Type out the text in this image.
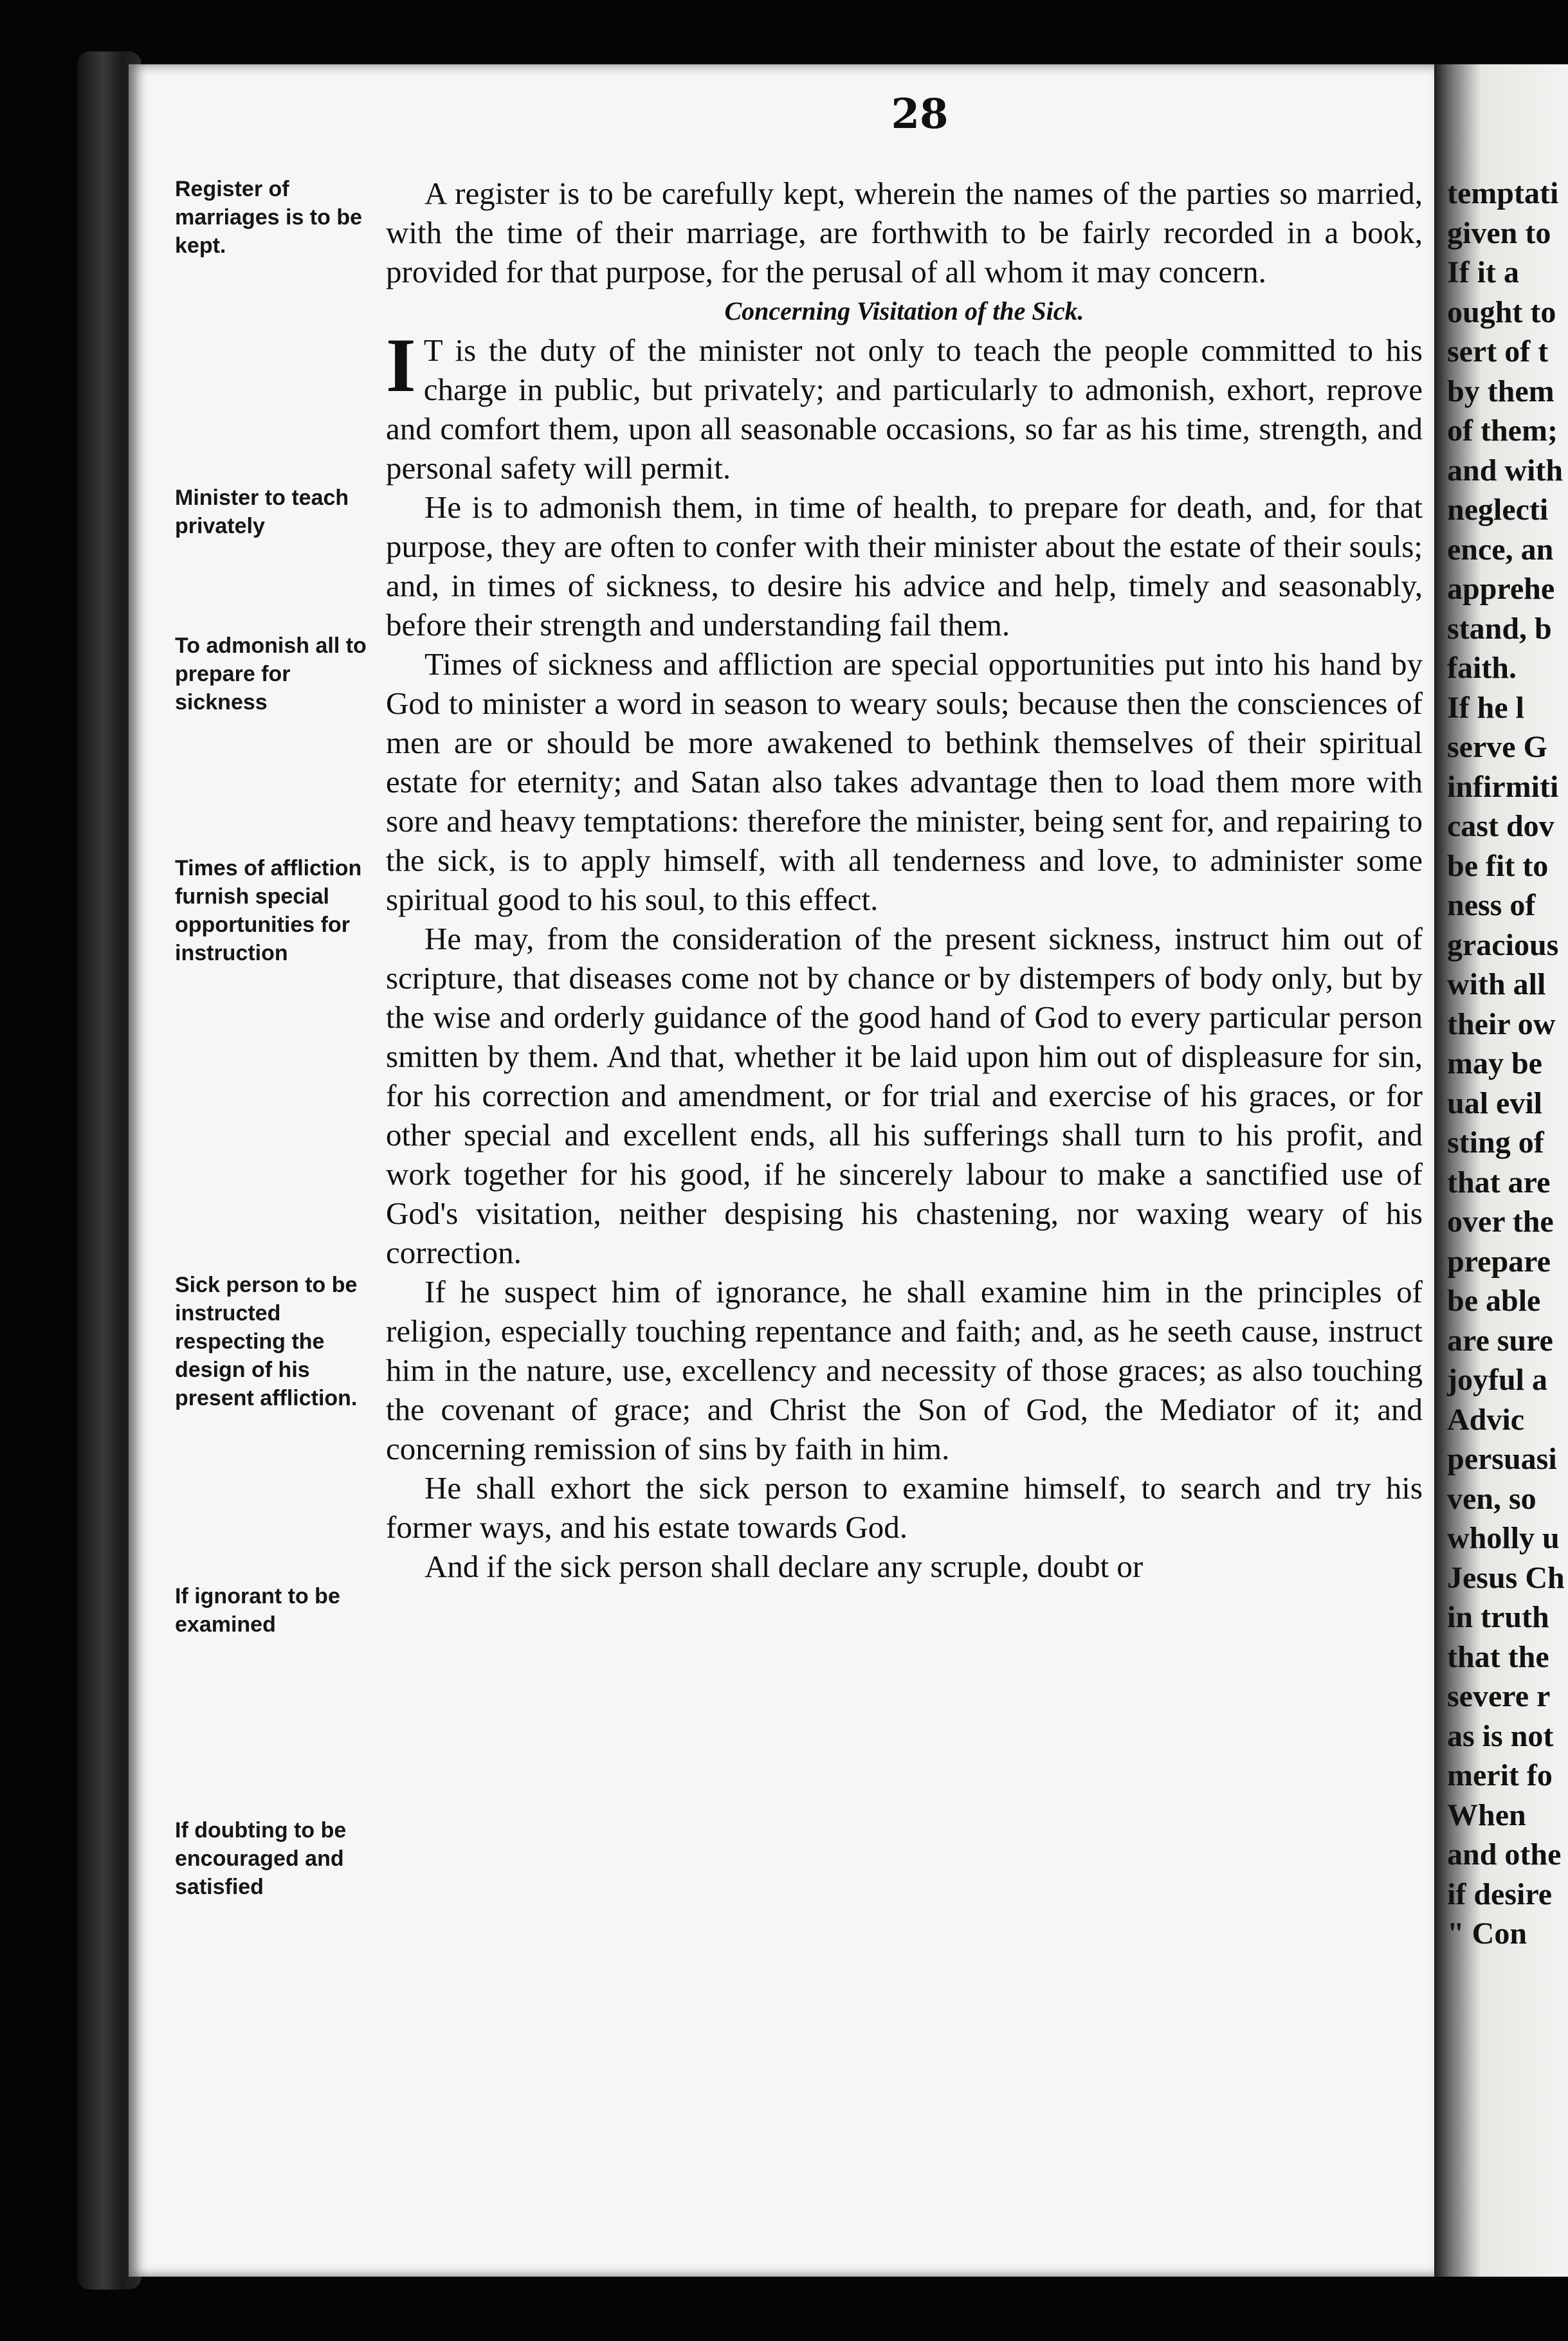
28
Register of marriages is to be kept.
Minister to teach privately
To admonish all to prepare for sickness
Times of affliction furnish special opportunities for instruction
Sick person to be instructed respecting the design of his present affliction.
If ignorant to be examined
If doubting to be encouraged and satisfied

A register is to be carefully kept, wherein the names of the parties so married, with the time of their marriage, are forthwith to be fairly recorded in a book, provided for that purpose, for the perusal of all whom it may concern.

Concerning Visitation of the Sick.

I T is the duty of the minister not only to teach the people committed to his charge in public, but privately; and particularly to admonish, exhort, reprove and comfort them, upon all seasonable occasions, so far as his time, strength, and personal safety will permit.

He is to admonish them, in time of health, to prepare for death, and, for that purpose, they are often to confer with their minister about the estate of their souls; and, in times of sickness, to desire his advice and help, timely and seasonably, before their strength and understanding fail them.

Times of sickness and affliction are special opportunities put into his hand by God to minister a word in season to weary souls; because then the consciences of men are or should be more awakened to bethink themselves of their spiritual estate for eternity; and Satan also takes advantage then to load them more with sore and heavy temptations: therefore the minister, being sent for, and repairing to the sick, is to apply himself, with all tenderness and love, to administer some spiritual good to his soul, to this effect.

He may, from the consideration of the present sickness, instruct him out of scripture, that diseases come not by chance or by distempers of body only, but by the wise and orderly guidance of the good hand of God to every particular person smitten by them. And that, whether it be laid upon him out of displeasure for sin, for his correction and amendment, or for trial and exercise of his graces, or for other special and excellent ends, all his sufferings shall turn to his profit, and work together for his good, if he sincerely labour to make a sanctified use of God's visitation, neither despising his chastening, nor waxing weary of his correction.

If he suspect him of ignorance, he shall examine him in the principles of religion, especially touching repentance and faith; and, as he seeth cause, instruct him in the nature, use, excellency and necessity of those graces; as also touching the covenant of grace; and Christ the Son of God, the Mediator of it; and concerning remission of sins by faith in him.

He shall exhort the sick person to examine himself, to search and try his former ways, and his estate towards God.

And if the sick person shall declare any scruple, doubt or

temptati
given to
If it a
ought to
sert of t
by them
of them;
and with
neglecti
ence, an
apprehe
stand, b
faith.
If he l
serve G
infirmiti
cast dov
be fit to
ness of
gracious
with all
their ow
may be
ual evil
sting of
that are
over the
prepare
be able
are sure
joyful a
Advic
persuasi
ven, so
wholly u
Jesus Ch
in truth
that the
severe r
as is not
merit fo
When
and othe
if desire
" Con
